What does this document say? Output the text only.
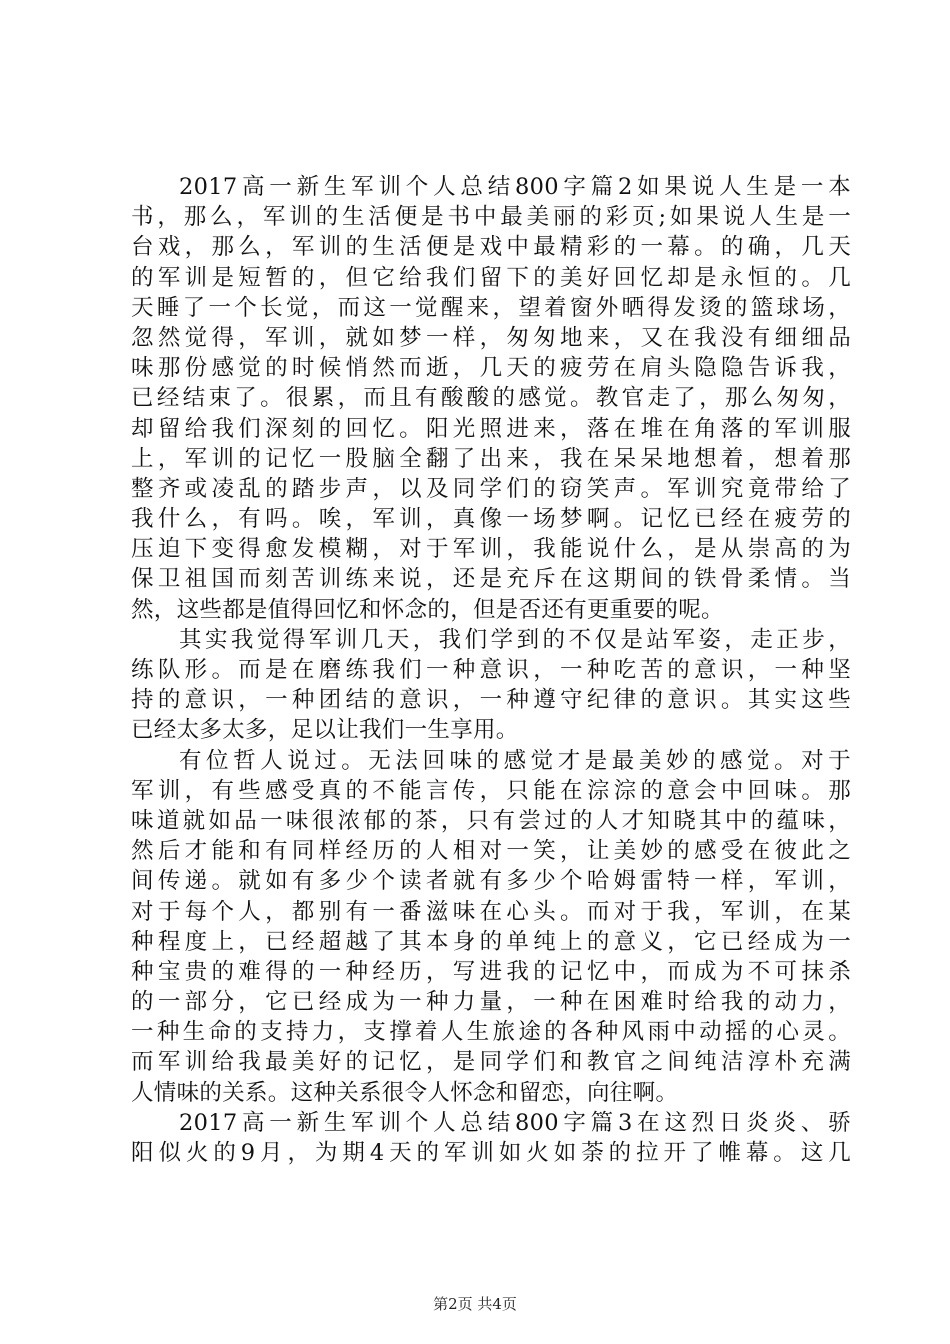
2017高一新生军训个人总结800字篇2如果说人生是一本
书，那么，军训的生活便是书中最美丽的彩页;如果说人生是一
台戏，那么，军训的生活便是戏中最精彩的一幕。的确，几天
的军训是短暂的，但它给我们留下的美好回忆却是永恒的。几
天睡了一个长觉，而这一觉醒来，望着窗外晒得发烫的篮球场，
忽然觉得，军训，就如梦一样，匆匆地来，又在我没有细细品
味那份感觉的时候悄然而逝，几天的疲劳在肩头隐隐告诉我，
已经结束了。很累，而且有酸酸的感觉。教官走了，那么匆匆，
却留给我们深刻的回忆。阳光照进来，落在堆在角落的军训服
上，军训的记忆一股脑全翻了出来，我在呆呆地想着，想着那
整齐或凌乱的踏步声，以及同学们的窃笑声。军训究竟带给了
我什么，有吗。唉，军训，真像一场梦啊。记忆已经在疲劳的
压迫下变得愈发模糊，对于军训，我能说什么，是从崇高的为
保卫祖国而刻苦训练来说，还是充斥在这期间的铁骨柔情。当
然，这些都是值得回忆和怀念的，但是否还有更重要的呢。
其实我觉得军训几天，我们学到的不仅是站军姿，走正步，
练队形。而是在磨练我们一种意识，一种吃苦的意识，一种坚
持的意识，一种团结的意识，一种遵守纪律的意识。其实这些
已经太多太多，足以让我们一生享用。
有位哲人说过。无法回味的感觉才是最美妙的感觉。对于
军训，有些感受真的不能言传，只能在淙淙的意会中回味。那
味道就如品一味很浓郁的茶，只有尝过的人才知晓其中的蕴味，
然后才能和有同样经历的人相对一笑，让美妙的感受在彼此之
间传递。就如有多少个读者就有多少个哈姆雷特一样，军训，
对于每个人，都别有一番滋味在心头。而对于我，军训，在某
种程度上，已经超越了其本身的单纯上的意义，它已经成为一
种宝贵的难得的一种经历，写进我的记忆中，而成为不可抹杀
的一部分，它已经成为一种力量，一种在困难时给我的动力，
一种生命的支持力，支撑着人生旅途的各种风雨中动摇的心灵。
而军训给我最美好的记忆，是同学们和教官之间纯洁淳朴充满
人情味的关系。这种关系很令人怀念和留恋，向往啊。
2017高一新生军训个人总结800字篇3在这烈日炎炎、骄
阳似火的9月，为期4天的军训如火如荼的拉开了帷幕。这几
第2页 共4页
